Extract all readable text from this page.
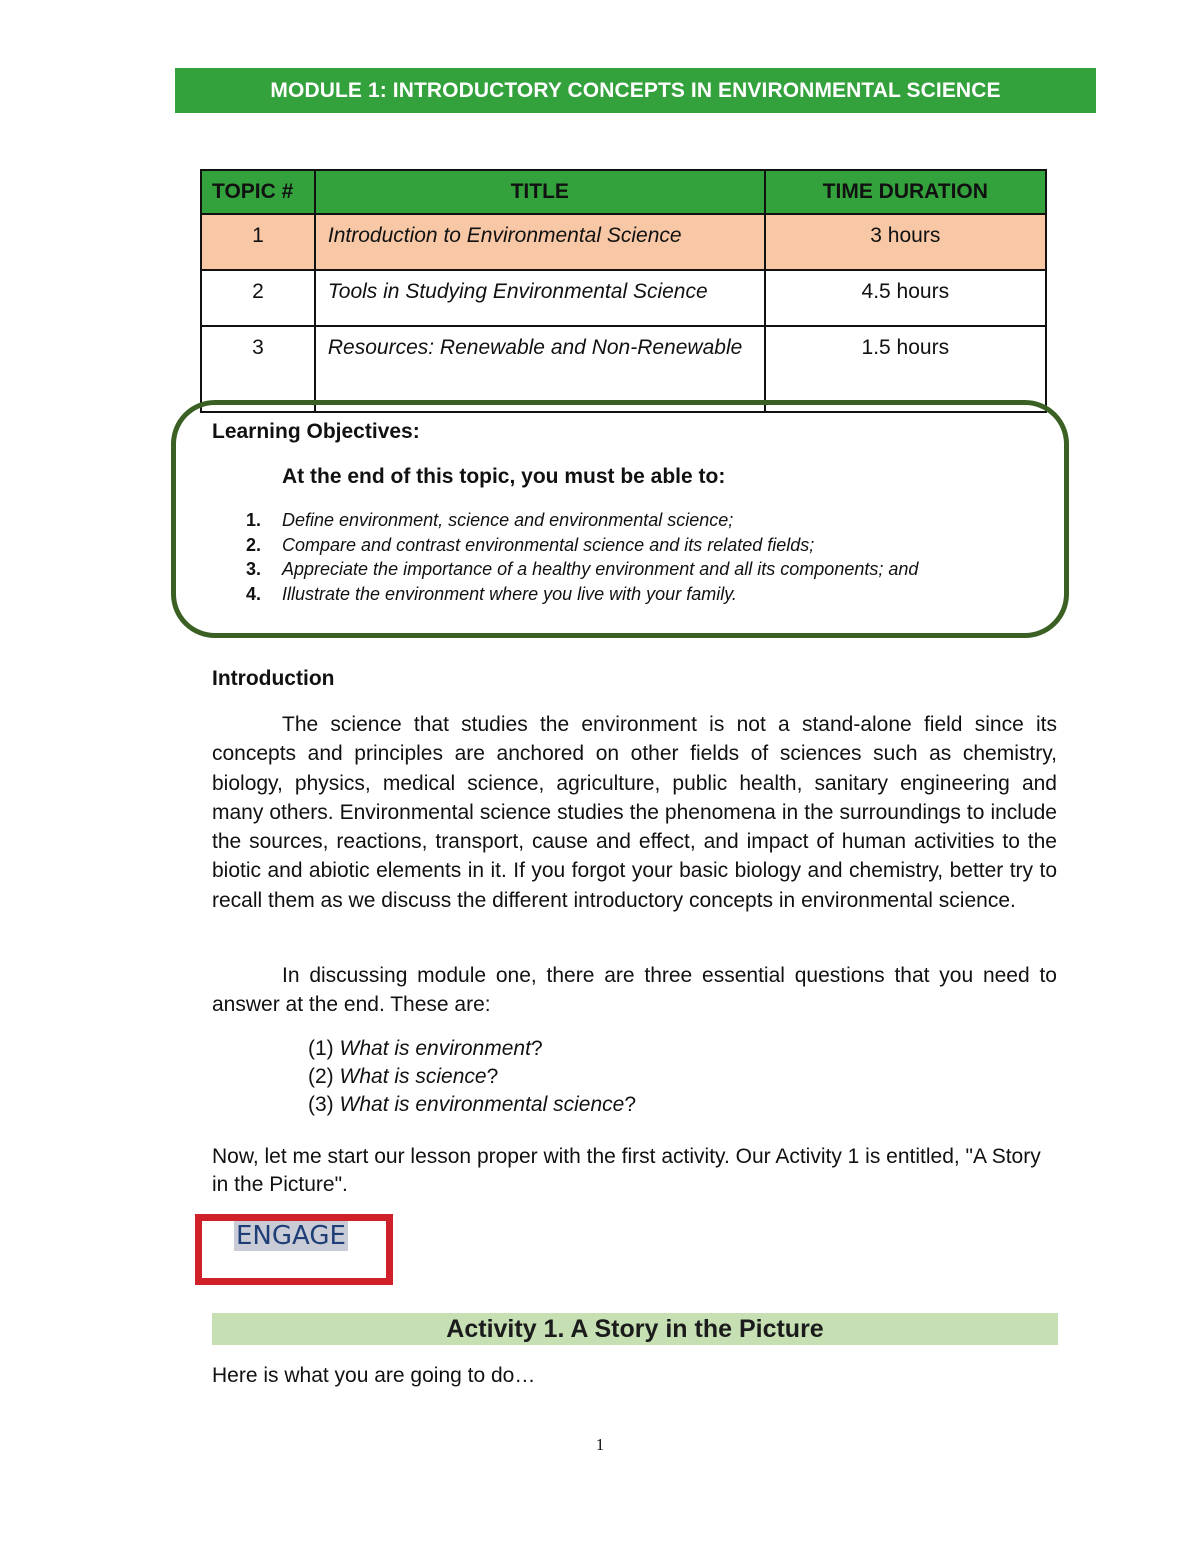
MODULE 1: INTRODUCTORY CONCEPTS IN ENVIRONMENTAL SCIENCE
TOPIC #	TITLE	TIME DURATION
1	Introduction to Environmental Science	3 hours
2	Tools in Studying Environmental Science	4.5 hours
3	Resources: Renewable and Non-Renewable	1.5 hours
Learning Objectives:
At the end of this topic, you must be able to:
1. Define environment, science and environmental science;
2. Compare and contrast environmental science and its related fields;
3. Appreciate the importance of a healthy environment and all its components; and
4. Illustrate the environment where you live with your family.
Introduction

The science that studies the environment is not a stand-alone field since its concepts and principles are anchored on other fields of sciences such as chemistry, biology, physics, medical science, agriculture, public health, sanitary engineering and many others. Environmental science studies the phenomena in the surroundings to include the sources, reactions, transport, cause and effect, and impact of human activities to the biotic and abiotic elements in it. If you forgot your basic biology and chemistry, better try to recall them as we discuss the different introductory concepts in environmental science.

In discussing module one, there are three essential questions that you need to answer at the end. These are:

(1) What is environment?
(2) What is science?
(3) What is environmental science?

Now, let me start our lesson proper with the first activity. Our Activity 1 is entitled, "A Story in the Picture".

ENGAGE
Activity 1. A Story in the Picture
Here is what you are going to do…
1
